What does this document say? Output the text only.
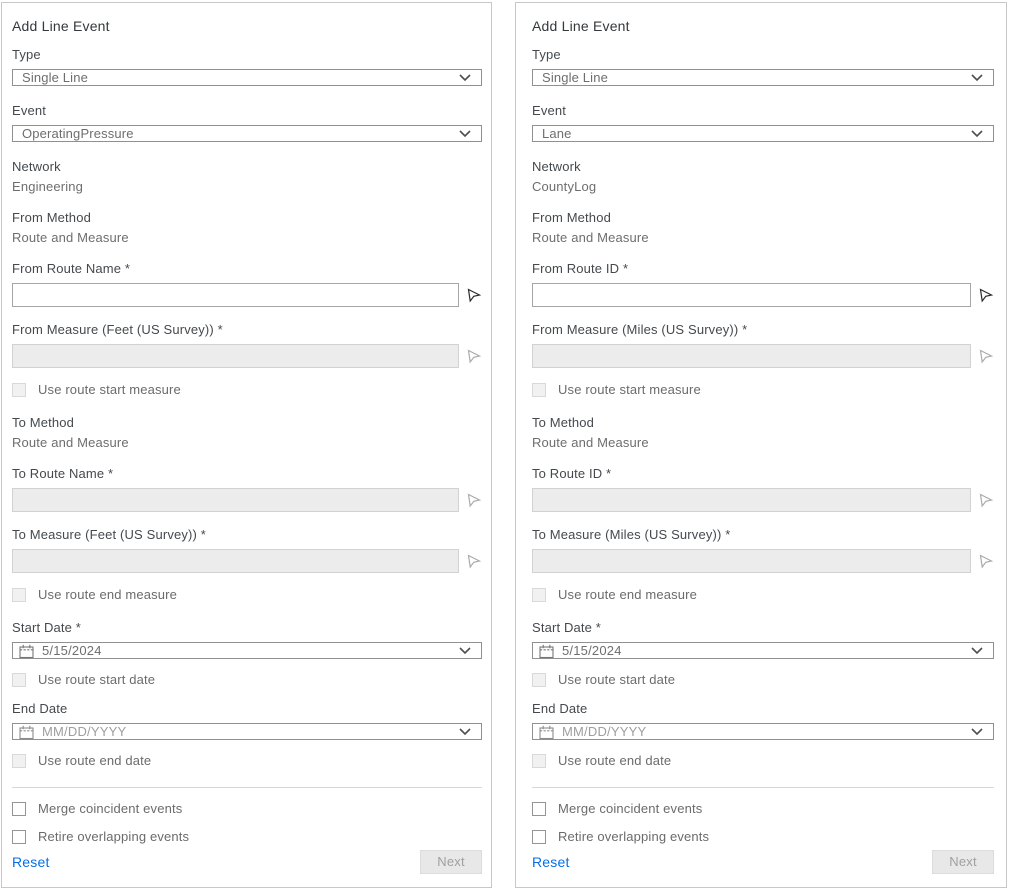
Add Line Event
Type
Single Line
Event
OperatingPressure
Network
Engineering
From Method
Route and Measure
From Route Name *
From Measure (Feet (US Survey)) *
Use route start measure
To Method
Route and Measure
To Route Name *
To Measure (Feet (US Survey)) *
Use route end measure
Start Date *
5/15/2024
Use route start date
End Date
MM/DD/YYYY
Use route end date
Merge coincident events
Retire overlapping events
Reset	Next
Add Line Event
Type
Single Line
Event
Lane
Network
CountyLog
From Method
Route and Measure
From Route ID *
From Measure (Miles (US Survey)) *
Use route start measure
To Method
Route and Measure
To Route ID *
To Measure (Miles (US Survey)) *
Use route end measure
Start Date *
5/15/2024
Use route start date
End Date
MM/DD/YYYY
Use route end date
Merge coincident events
Retire overlapping events
Reset	Next
